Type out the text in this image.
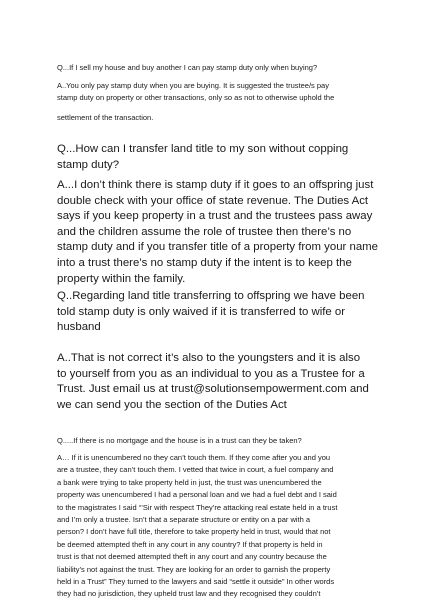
Q...If I sell my house and buy another I can pay stamp duty only when buying?
A..You only pay stamp duty when you are buying. It is suggested the trustee/s pay
stamp duty on property or other transactions, only so as not to otherwise uphold the
settlement of the transaction.
Q...How can I transfer land title to my son without copping
stamp duty?
A...I don’t think there is stamp duty if it goes to an offspring just
double check with your office of state revenue. The Duties Act
says if you keep property in a trust and the trustees pass away
and the children assume the role of trustee then there’s no
stamp duty and if you transfer title of a property from your name
into a trust there’s no stamp duty if the intent is to keep the
property within the family.
Q..Regarding land title transferring to offspring we have been
told stamp duty is only waived if it is transferred to wife or
husband
A..That is not correct it’s also to the youngsters and it is also
to yourself from you as an individual to you as a Trustee for a
Trust. Just email us at trust@solutionsempowerment.com and
we can send you the section of the Duties Act
Q.....If there is no mortgage and the house is in a trust can they be taken?
A… If it is unencumbered no they can’t touch them. If they come after you and you
are a trustee, they can’t touch them. I vetted that twice in court, a fuel company and
a bank were trying to take property held in just, the trust was unencumbered the
property was unencumbered I had a personal loan and we had a fuel debt and I said
to the magistrates I said “’Sir with respect They’re attacking real estate held in a trust
and I’m only a trustee. Isn’t that a separate structure or entity on a par with a
person? I don’t have full title, therefore to take property held in trust, would that not
be deemed attempted theft in any court in any country? If that property is held in
trust is that not deemed attempted theft in any court and any country because the
liability’s not against the trust. They are looking for an order to garnish the property
held in a Trust” They turned to the lawyers and said “settle it outside” In other words
they had no jurisdiction, they upheld trust law and they recognised they couldn’t
